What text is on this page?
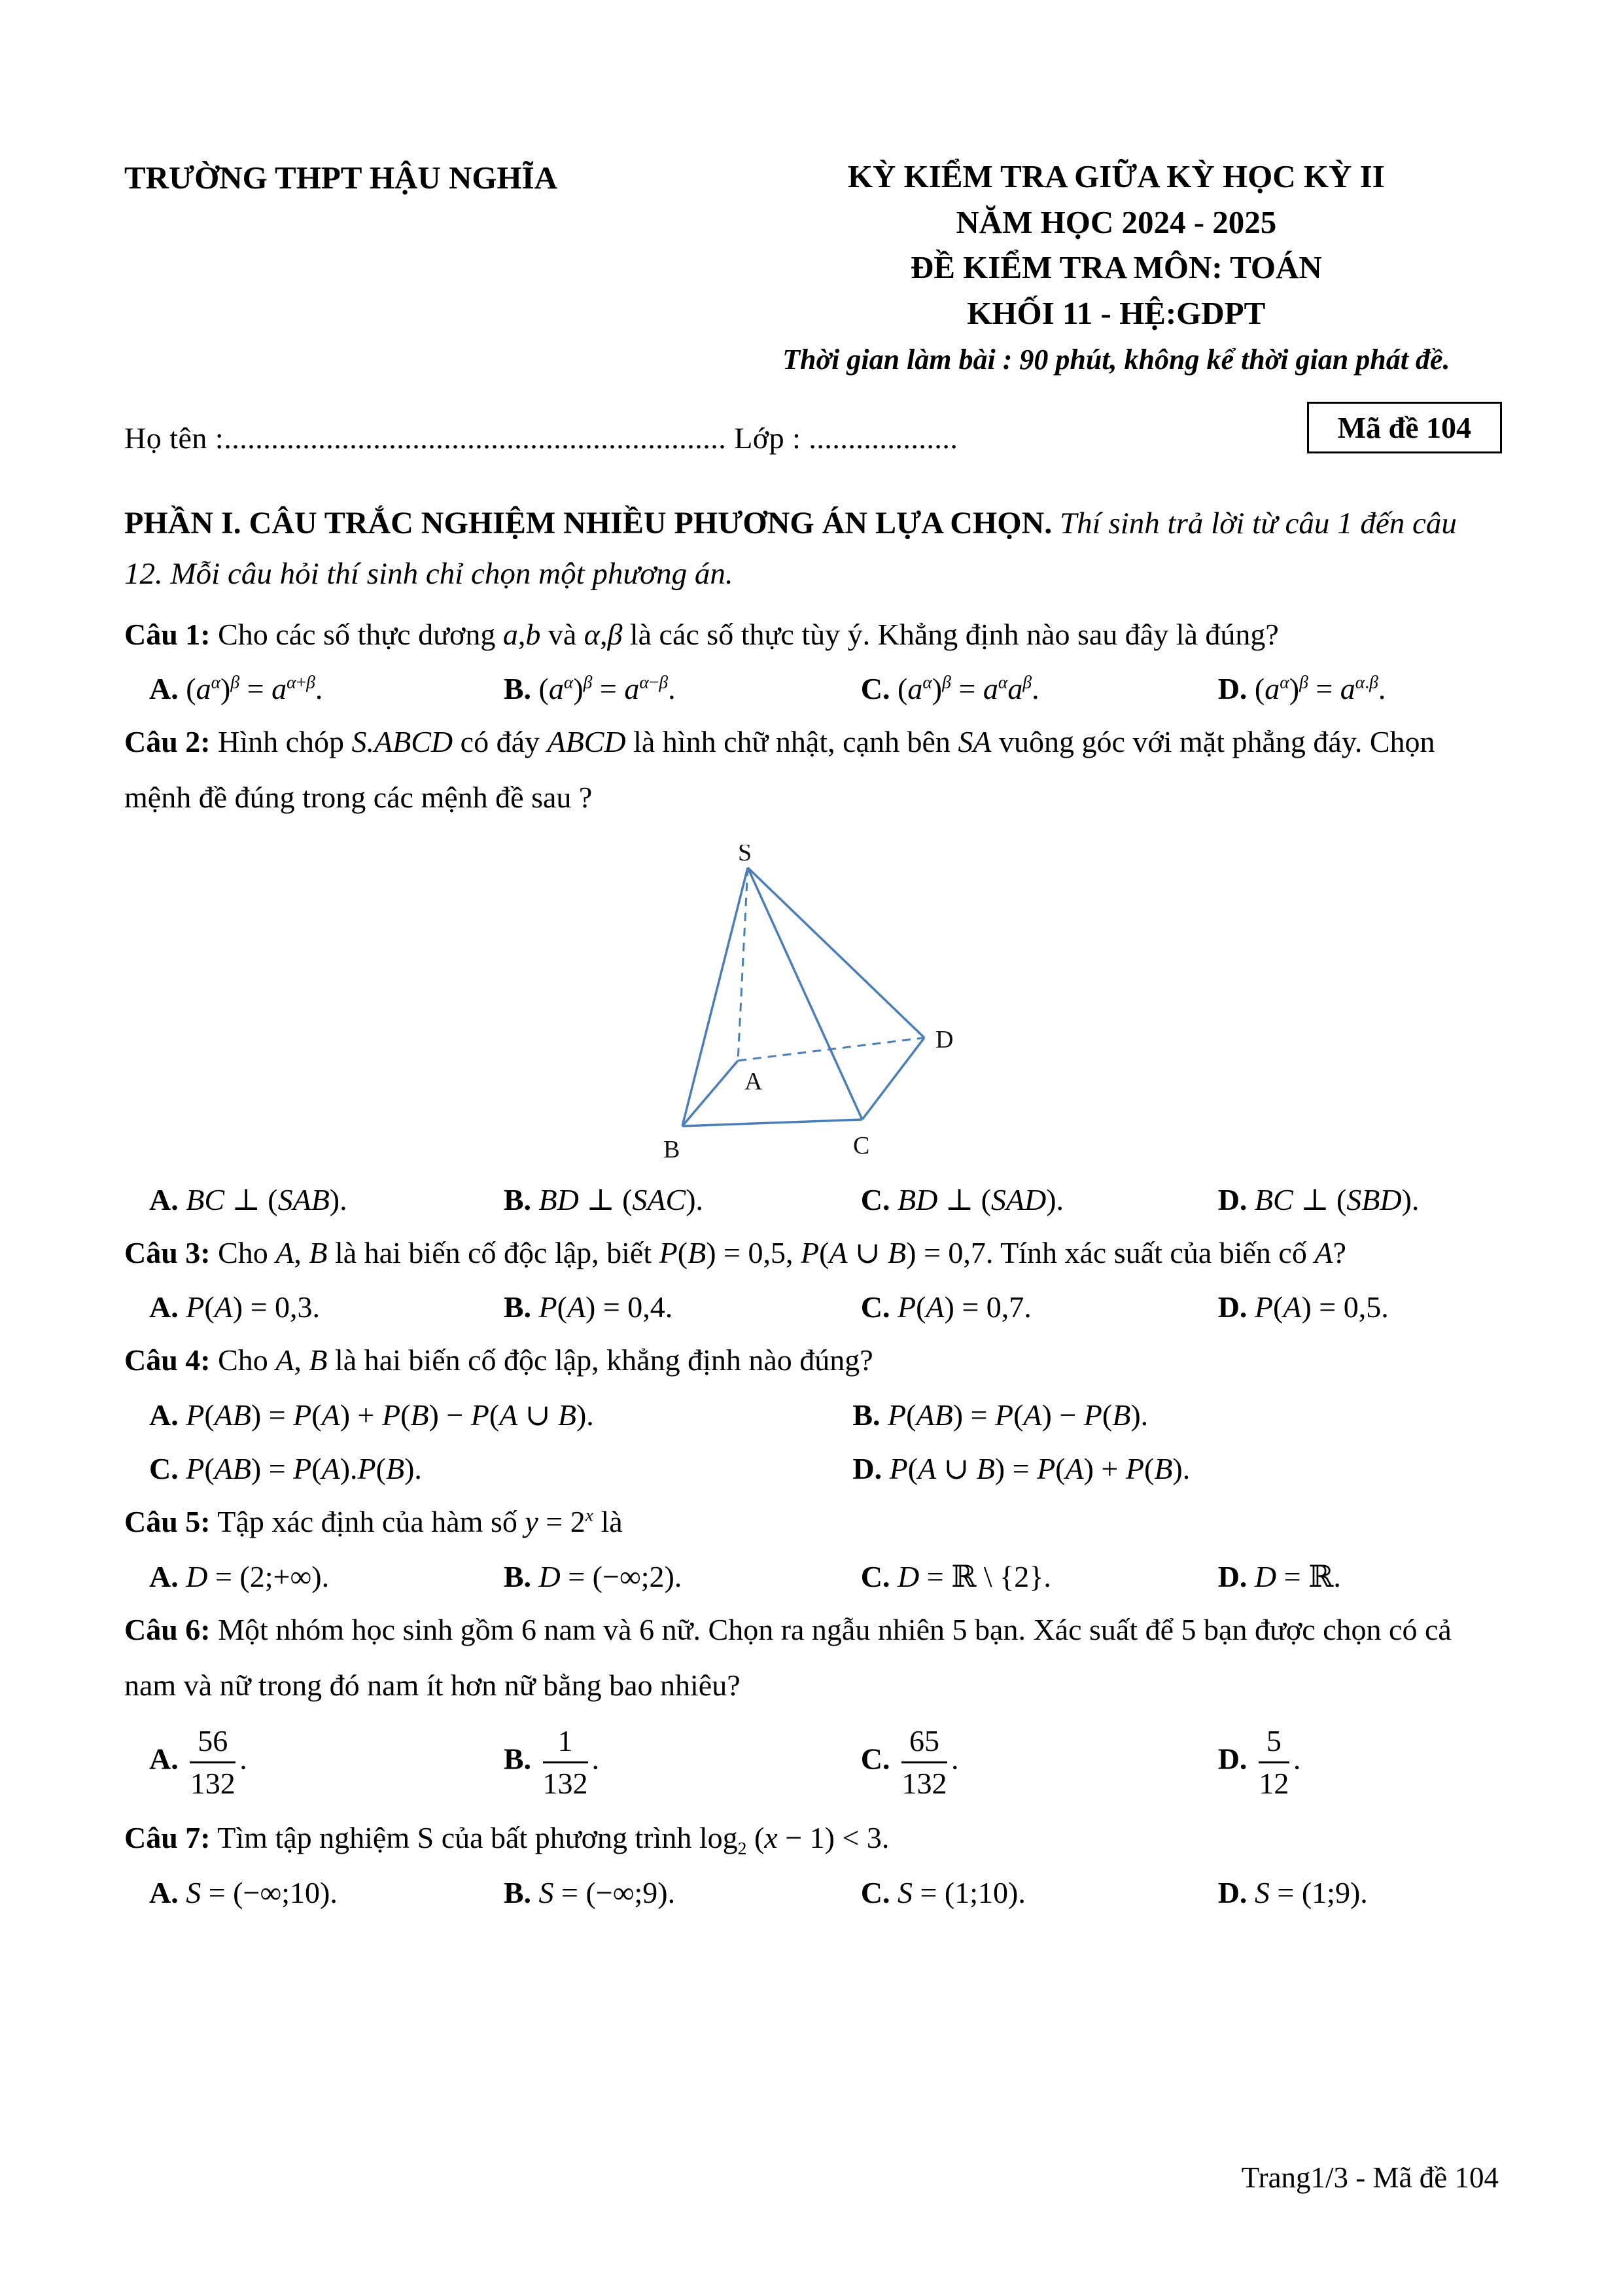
TRƯỜNG THPT HẬU NGHĨA	KỲ KIỂM TRA GIỮA KỲ HỌC KỲ II
NĂM HỌC 2024 - 2025
ĐỀ KIỂM TRA MÔN: TOÁN
KHỐI 11 - HỆ:GDPT
Thời gian làm bài : 90 phút, không kể thời gian phát đề.
Họ tên :................................................................ Lớp : ...................	Mã đề 104

PHẦN I. CÂU TRẮC NGHIỆM NHIỀU PHƯƠNG ÁN LỰA CHỌN. Thí sinh trả lời từ câu 1 đến câu 12. Mỗi câu hỏi thí sinh chỉ chọn một phương án.

Câu 1: Cho các số thực dương a,b và α,β là các số thực tùy ý. Khẳng định nào sau đây là đúng?

A. $(a^\alpha)^\beta = a^{\alpha+\beta}$.	B. $(a^\alpha)^\beta = a^{\alpha-\beta}$.	C. $(a^\alpha)^\beta = a^\alpha a^\beta$.	D. $(a^\alpha)^\beta = a^{\alpha.\beta}$.

Câu 2: Hình chóp S.ABCD có đáy ABCD là hình chữ nhật, cạnh bên SA vuông góc với mặt phẳng đáy. Chọn mệnh đề đúng trong các mệnh đề sau ?

S
A
B	C
D
A. BC ⊥ (SAB).	B. BD ⊥ (SAC).	C. BD ⊥ (SAD).	D. BC ⊥ (SBD).

Câu 3: Cho A, B là hai biến cố độc lập, biết P(B) = 0,5, P(A ∪ B) = 0,7. Tính xác suất của biến cố A?

A. P(A) = 0,3.	B. P(A) = 0,4.	C. P(A) = 0,7.	D. P(A) = 0,5.

Câu 4: Cho A, B là hai biến cố độc lập, khẳng định nào đúng?

A. P(AB) = P(A) + P(B) − P(A ∪ B).	B. P(AB) = P(A) − P(B).
C. P(AB) = P(A).P(B).	D. P(A ∪ B) = P(A) + P(B).

Câu 5: Tập xác định của hàm số $y = 2^x$ là

A. D = (2;+∞).	B. D = (−∞;2).	C. D = ℝ \ {2}.	D. D = ℝ.

Câu 6: Một nhóm học sinh gồm 6 nam và 6 nữ. Chọn ra ngẫu nhiên 5 bạn. Xác suất để 5 bạn được chọn có cả nam và nữ trong đó nam ít hơn nữ bằng bao nhiêu?

A. $\frac{56}{132}$ .	B. $\frac{1}{132}$ .	C. $\frac{65}{132}$ .	D. $\frac{5}{12}$ .

Câu 7: Tìm tập nghiệm S của bất phương trình $\log_2 (x - 1) < 3$.

A. S = (−∞;10).	B. S = (−∞;9).	C. S = (1;10).	D. S = (1;9).
Trang1/3 - Mã đề 104
